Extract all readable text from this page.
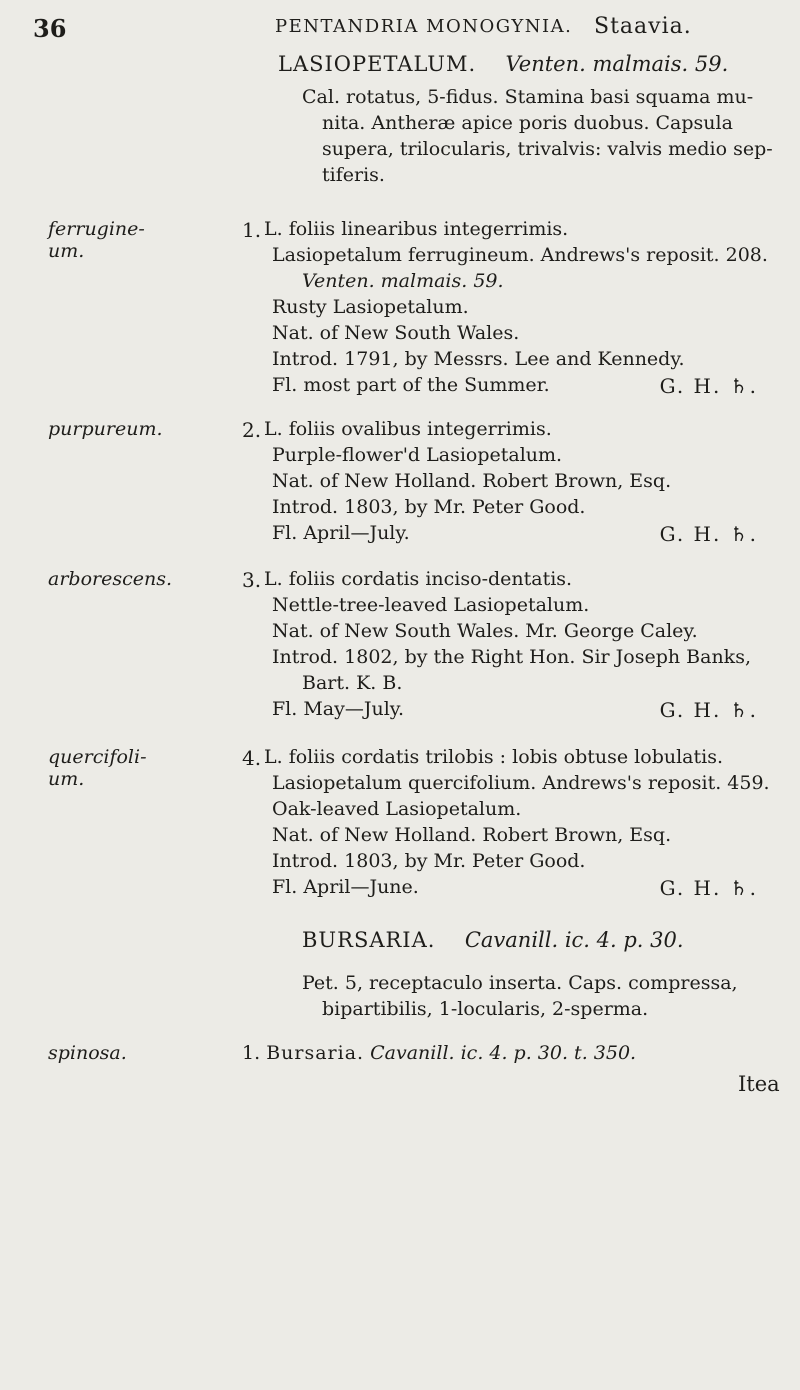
36	PENTANDRIA MONOGYNIA. Staavia.
LASIOPETALUM. Venten. malmais. 59.
Cal. rotatus, 5-fidus. Stamina basi squama mu-
nita. Antheræ apice poris duobus. Capsula
supera, trilocularis, trivalvis: valvis medio sep-
tiferis.
ferrugine-
um.
1. L. foliis linearibus integerrimis.
Lasiopetalum ferrugineum. Andrews's reposit. 208.
Venten. malmais. 59.
Rusty Lasiopetalum.
Nat. of New South Wales.
Introd. 1791, by Messrs. Lee and Kennedy.
Fl. most part of the Summer.	G. H. ♄.
purpureum.	2. L. foliis ovalibus integerrimis.
Purple-flower'd Lasiopetalum.
Nat. of New Holland. Robert Brown, Esq.
Introd. 1803, by Mr. Peter Good.
Fl. April—July.	G. H. ♄.
arborescens.	3. L. foliis cordatis inciso-dentatis.
Nettle-tree-leaved Lasiopetalum.
Nat. of New South Wales. Mr. George Caley.
Introd. 1802, by the Right Hon. Sir Joseph Banks,
Bart. K. B.
Fl. May—July.	G. H. ♄.
quercifoli-
um.
4. L. foliis cordatis trilobis : lobis obtuse lobulatis.
Lasiopetalum quercifolium. Andrews's reposit. 459.
Oak-leaved Lasiopetalum.
Nat. of New Holland. Robert Brown, Esq.
Introd. 1803, by Mr. Peter Good.
Fl. April—June.	G. H. ♄.
BURSARIA. Cavanill. ic. 4. p. 30.
Pet. 5, receptaculo inserta. Caps. compressa,
bipartibilis, 1-locularis, 2-sperma.
spinosa.	1. Bursaria. Cavanill. ic. 4. p. 30. t. 350.
Itea
